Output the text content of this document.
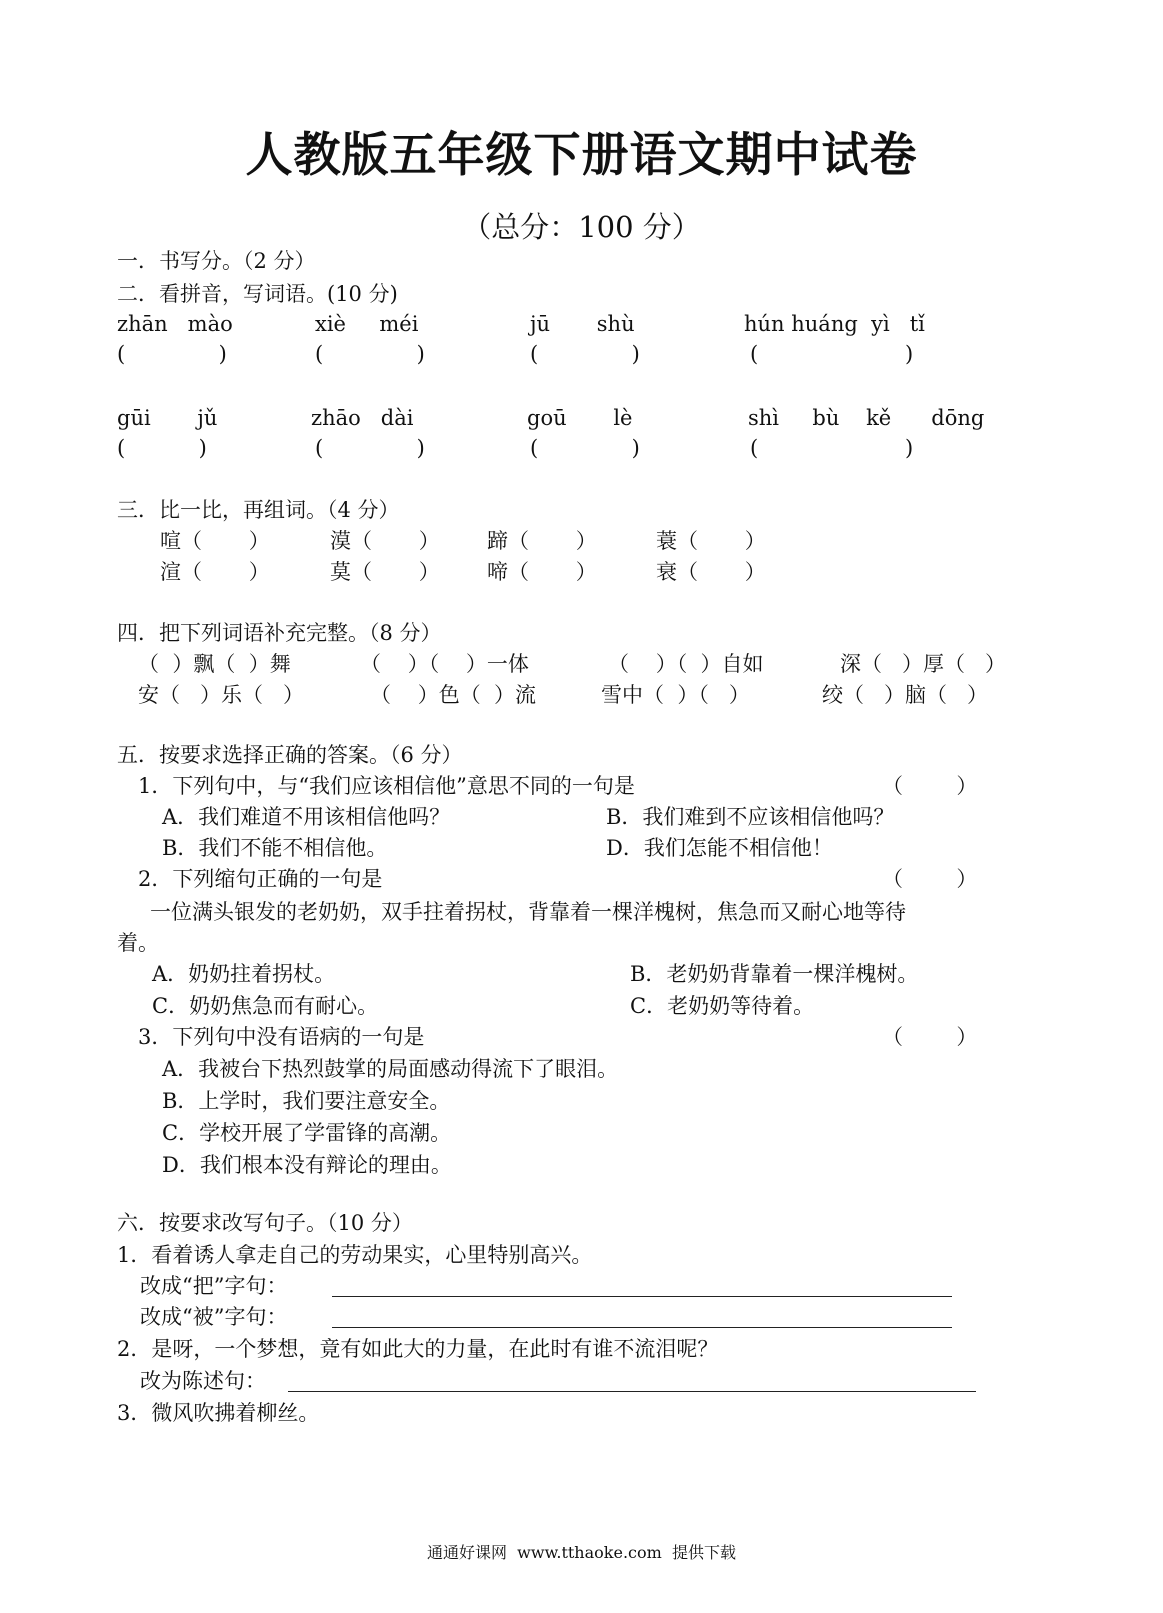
人教版五年级下册语文期中试卷
（总分：100 分）
一．书写分。（2 分）
二．看拼音，写词语。(10 分)
zhān   mào	xiè     méi	jū       shù	hún huáng  yì   tǐ
(              )	(              )	(              )	(                      )
gūi       jǔ	zhāo   dài	goū       lè	shì     bù    kě      dōng
(           )	(              )	(              )	(                      )
三．比一比，再组词。（4 分）
喧（       ）	漠（       ） 蹄（       ）	蓑（       ）
渲（       ）	莫（       ） 啼（       ）	衰（       ）
四．把下列词语补充完整。（8 分）
（  ）飘（  ）舞	（    ）（    ）一体	（    ）（  ）自如	深（   ）厚（   ）
安（   ）乐（   ）	（    ）色（  ）流	雪中（  ）（   ）	绞（   ）脑（   ）
五．按要求选择正确的答案。（6 分）
1．下列句中，与“我们应该相信他”意思不同的一句是	（        ）
A．我们难道不用该相信他吗？	B．我们难到不应该相信他吗？
B．我们不能不相信他。	D．我们怎能不相信他！
2．下列缩句正确的一句是	（        ）
一位满头银发的老奶奶，双手拄着拐杖，背靠着一棵洋槐树，焦急而又耐心地等待
着。
A．奶奶拄着拐杖。	B．老奶奶背靠着一棵洋槐树。
C．奶奶焦急而有耐心。	C．老奶奶等待着。
3．下列句中没有语病的一句是	（        ）
A．我被台下热烈鼓掌的局面感动得流下了眼泪。
B．上学时，我们要注意安全。
C．学校开展了学雷锋的高潮。
D．我们根本没有辩论的理由。
六．按要求改写句子。（10 分）
1．看着诱人拿走自己的劳动果实，心里特别高兴。
改成“把”字句：
改成“被”字句：
2．是呀，一个梦想，竟有如此大的力量，在此时有谁不流泪呢？
改为陈述句：
3．微风吹拂着柳丝。
通通好课网  www.tthaoke.com  提供下载
